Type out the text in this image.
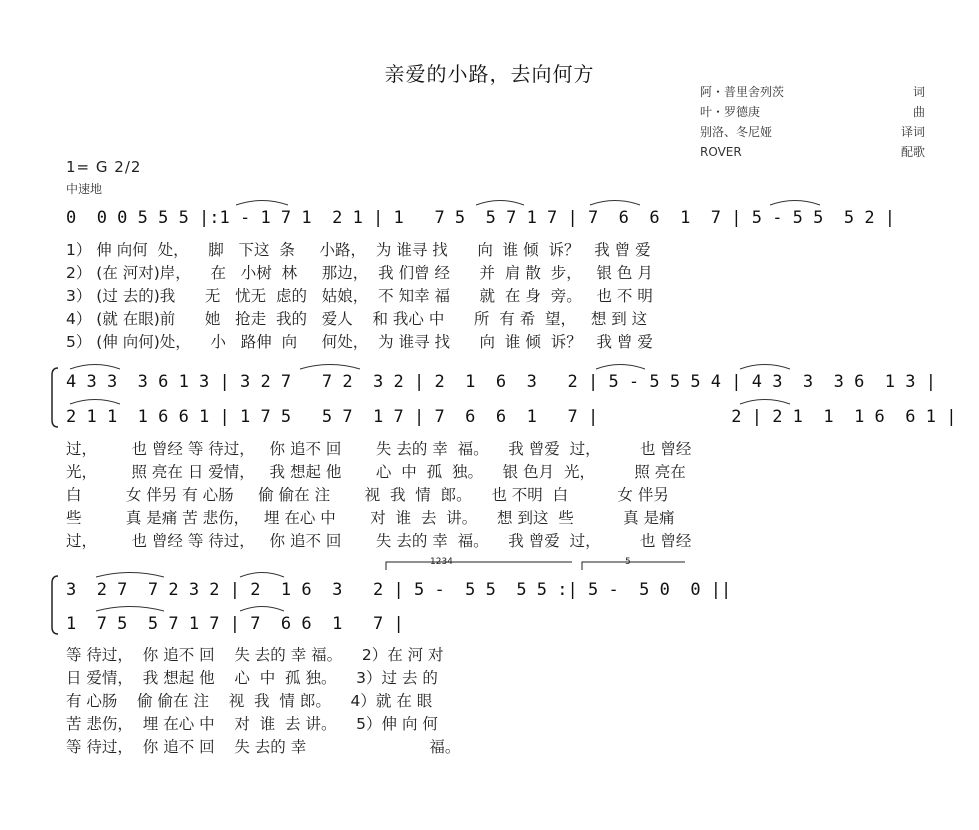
亲爱的小路，去向何方
阿・普里舍列茨	词
叶・罗德庚	曲
别洛、冬尼娅	译词
ROVER	配歌
1= G 2/2
中速地
0  0 0 5 5 5 |:1 - 1 7 1  2 1 | 1   7 5  5 7 1 7 | 7  6  6  1  7 | 5 - 5 5  5 2 |
1） 伸 向何  处，    脚   下这  条     小路，  为 谁寻 找      向  谁 倾  诉？   我 曾 爱
2） (在 河对)岸，    在   小树  林     那边，  我 们曾 经      并  肩 散  步，   银 色 月
3） (过 去的)我      无   忧无  虑的   姑娘，  不 知幸 福      就  在 身  旁。   也 不 明
4） (就 在眼)前      她   抢走  我的   爱人    和 我心 中      所  有 希  望，   想 到 这
5） (伸 向何)处，    小   路伸  向     何处，  为 谁寻 找      向  谁 倾  诉？   我 曾 爱
4 3 3  3 6 1 3 | 3 2 7   7 2  3 2 | 2  1  6  3   2 | 5 - 5 5 5 4 | 4 3  3  3 6  1 3 |
2 1 1  1 6 6 1 | 1 7 5   5 7  1 7 | 7  6  6  1   7 |             2 | 2 1  1  1 6  6 1 |
过，       也 曾经 等 待过，   你 追不 回       失 去的 幸  福。    我 曾爱  过，        也 曾经
光，       照 亮在 日 爱情，   我 想起 他       心  中  孤  独。    银 色月  光，        照 亮在
白         女 伴另 有 心肠     偷 偷在 注       视  我  情  郎。    也 不明  白          女 伴另
些         真 是痛 苦 悲伤，   埋 在心 中       对  谁  去  讲。    想 到这  些          真 是痛
过，       也 曾经 等 待过，   你 追不 回       失 去的 幸  福。    我 曾爱  过，        也 曾经
3  2 7  7 2 3 2 | 2  1 6  3   2 | 5 -  5 5  5 5 :| 5 -  5 0  0 ||
1  7 5  5 7 1 7 | 7  6 6  1   7 |
1234	5
等 待过，  你 追不 回    失 去的 幸 福。    2）在 河 对
日 爱情，  我 想起 他    心  中  孤 独。    3）过 去 的
有 心肠    偷 偷在 注    视  我  情 郎。    4）就 在 眼
苦 悲伤，  埋 在心 中    对  谁  去 讲。    5）伸 向 何
等 待过，  你 追不 回    失 去的 幸                         福。
